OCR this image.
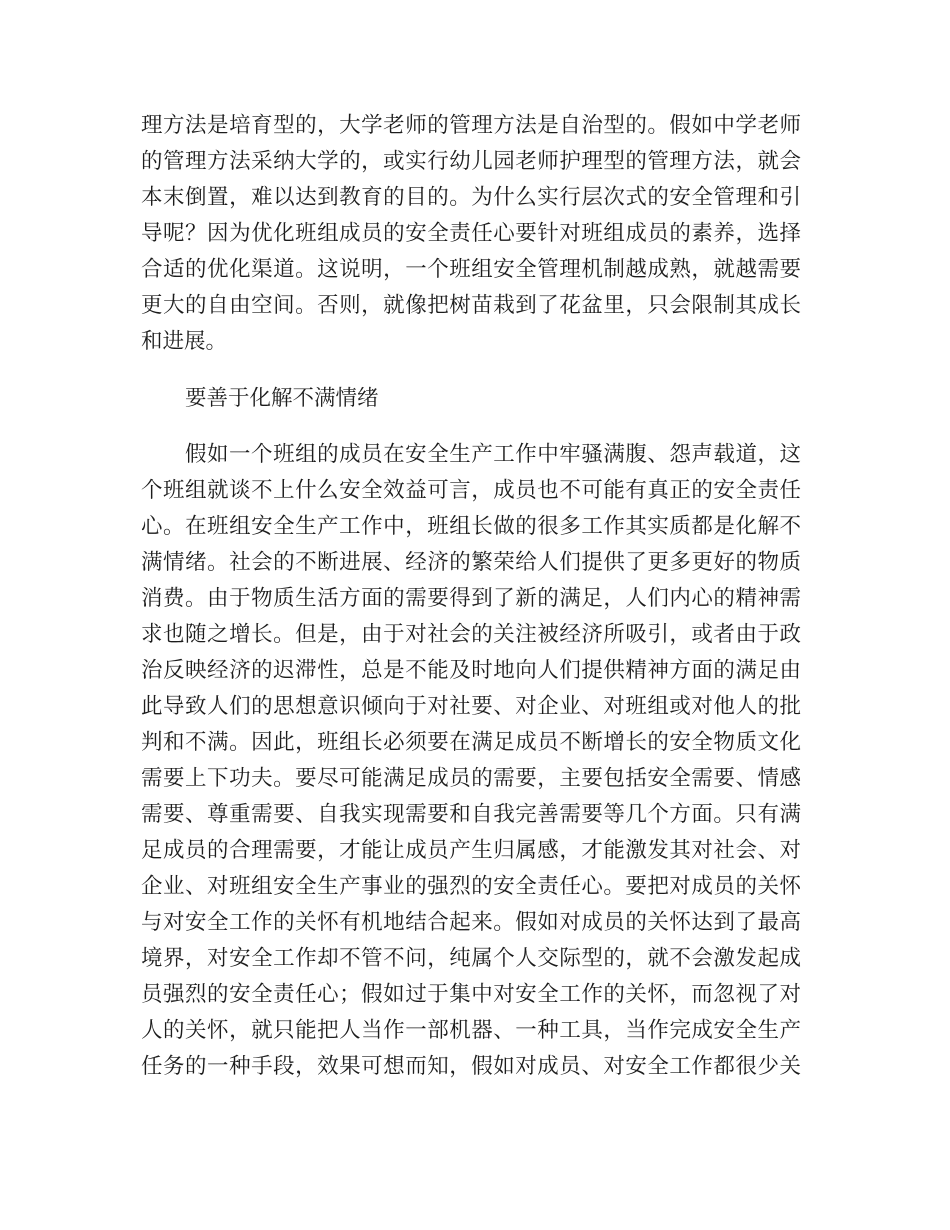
理方法是培育型的，大学老师的管理方法是自治型的。假如中学老师
的管理方法采纳大学的，或实行幼儿园老师护理型的管理方法，就会
本末倒置，难以达到教育的目的。为什么实行层次式的安全管理和引
导呢？因为优化班组成员的安全责任心要针对班组成员的素养，选择
合适的优化渠道。这说明，一个班组安全管理机制越成熟，就越需要
更大的自由空间。否则，就像把树苗栽到了花盆里，只会限制其成长
和进展。
要善于化解不满情绪
假如一个班组的成员在安全生产工作中牢骚满腹、怨声载道，这
个班组就谈不上什么安全效益可言，成员也不可能有真正的安全责任
心。在班组安全生产工作中，班组长做的很多工作其实质都是化解不
满情绪。社会的不断进展、经济的繁荣给人们提供了更多更好的物质
消费。由于物质生活方面的需要得到了新的满足，人们内心的精神需
求也随之增长。但是，由于对社会的关注被经济所吸引，或者由于政
治反映经济的迟滞性，总是不能及时地向人们提供精神方面的满足由
此导致人们的思想意识倾向于对社要、对企业、对班组或对他人的批
判和不满。因此，班组长必须要在满足成员不断增长的安全物质文化
需要上下功夫。要尽可能满足成员的需要，主要包括安全需要、情感
需要、尊重需要、自我实现需要和自我完善需要等几个方面。只有满
足成员的合理需要，才能让成员产生归属感，才能激发其对社会、对
企业、对班组安全生产事业的强烈的安全责任心。要把对成员的关怀
与对安全工作的关怀有机地结合起来。假如对成员的关怀达到了最高
境界，对安全工作却不管不问，纯属个人交际型的，就不会激发起成
员强烈的安全责任心；假如过于集中对安全工作的关怀，而忽视了对
人的关怀，就只能把人当作一部机器、一种工具，当作完成安全生产
任务的一种手段，效果可想而知，假如对成员、对安全工作都很少关
